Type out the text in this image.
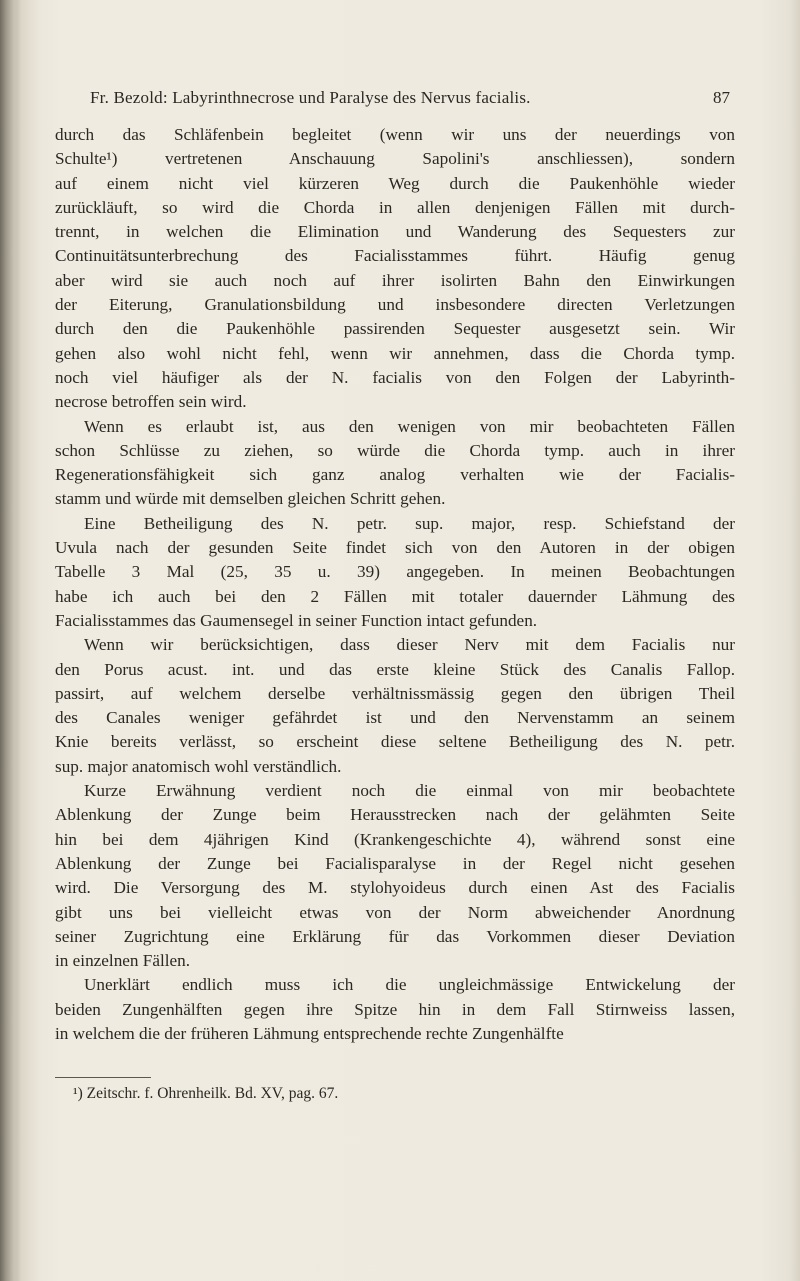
Fr. Bezold: Labyrinthnecrose und Paralyse des Nervus facialis.	87
durch das Schläfenbein begleitet (wenn wir uns der neuerdings von
Schulte¹) vertretenen Anschauung Sapolini's anschliessen), sondern
auf einem nicht viel kürzeren Weg durch die Paukenhöhle wieder
zurückläuft, so wird die Chorda in allen denjenigen Fällen mit durch-
trennt, in welchen die Elimination und Wanderung des Sequesters zur
Continuitätsunterbrechung des Facialisstammes führt. Häufig genug
aber wird sie auch noch auf ihrer isolirten Bahn den Einwirkungen
der Eiterung, Granulationsbildung und insbesondere directen Verletzungen
durch den die Paukenhöhle passirenden Sequester ausgesetzt sein. Wir
gehen also wohl nicht fehl, wenn wir annehmen, dass die Chorda tymp.
noch viel häufiger als der N. facialis von den Folgen der Labyrinth-
necrose betroffen sein wird.
Wenn es erlaubt ist, aus den wenigen von mir beobachteten Fällen
schon Schlüsse zu ziehen, so würde die Chorda tymp. auch in ihrer
Regenerationsfähigkeit sich ganz analog verhalten wie der Facialis-
stamm und würde mit demselben gleichen Schritt gehen.
Eine Betheiligung des N. petr. sup. major, resp. Schiefstand der
Uvula nach der gesunden Seite findet sich von den Autoren in der obigen
Tabelle 3 Mal (25, 35 u. 39) angegeben. In meinen Beobachtungen
habe ich auch bei den 2 Fällen mit totaler dauernder Lähmung des
Facialisstammes das Gaumensegel in seiner Function intact gefunden.
Wenn wir berücksichtigen, dass dieser Nerv mit dem Facialis nur
den Porus acust. int. und das erste kleine Stück des Canalis Fallop.
passirt, auf welchem derselbe verhältnissmässig gegen den übrigen Theil
des Canales weniger gefährdet ist und den Nervenstamm an seinem
Knie bereits verlässt, so erscheint diese seltene Betheiligung des N. petr.
sup. major anatomisch wohl verständlich.
Kurze Erwähnung verdient noch die einmal von mir beobachtete
Ablenkung der Zunge beim Herausstrecken nach der gelähmten Seite
hin bei dem 4jährigen Kind (Krankengeschichte 4), während sonst eine
Ablenkung der Zunge bei Facialisparalyse in der Regel nicht gesehen
wird. Die Versorgung des M. stylohyoideus durch einen Ast des Facialis
gibt uns bei vielleicht etwas von der Norm abweichender Anordnung
seiner Zugrichtung eine Erklärung für das Vorkommen dieser Deviation
in einzelnen Fällen.
Unerklärt endlich muss ich die ungleichmässige Entwickelung der
beiden Zungenhälften gegen ihre Spitze hin in dem Fall Stirnweiss lassen,
in welchem die der früheren Lähmung entsprechende rechte Zungenhälfte
¹) Zeitschr. f. Ohrenheilk. Bd. XV, pag. 67.
